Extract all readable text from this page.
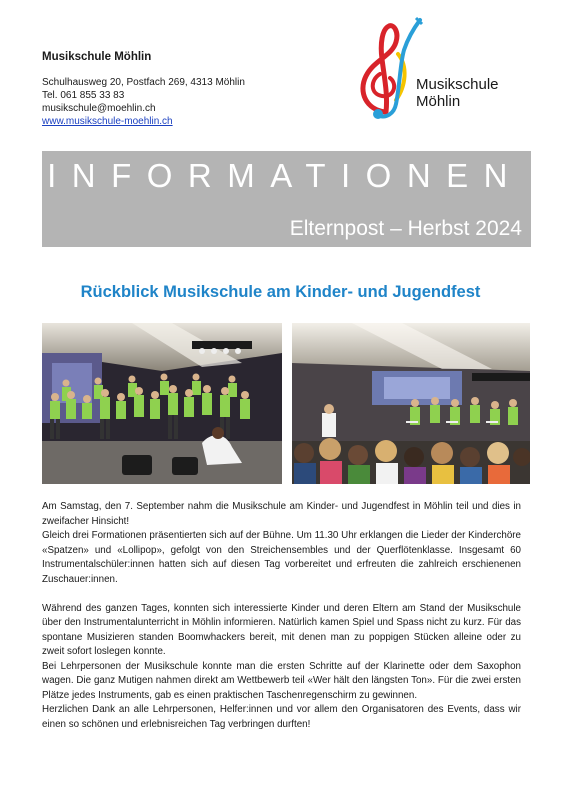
Musikschule Möhlin
Schulhausweg 20, Postfach 269, 4313 Möhlin
Tel. 061 855 33 83
musikschule@moehlin.ch
www.musikschule-moehlin.ch
Musikschule
Möhlin
INFORMATIONEN
Elternpost – Herbst 2024
Rückblick Musikschule am Kinder- und Jugendfest

Am Samstag, den 7. September nahm die Musikschule am Kinder- und Jugendfest in Möhlin teil und dies in zweifacher Hinsicht!

Gleich drei Formationen präsentierten sich auf der Bühne. Um 11.30 Uhr erklangen die Lieder der Kinderchöre «Spatzen» und «Lollipop», gefolgt von den Streichensembles und der Querflötenklasse. Insgesamt 60 Instrumentalschüler:innen hatten sich auf diesen Tag vorbereitet und erfreuten die zahlreich erschienenen Zuschauer:innen.

Während des ganzen Tages, konnten sich interessierte Kinder und deren Eltern am Stand der Musikschule über den Instrumentalunterricht in Möhlin informieren. Natürlich kamen Spiel und Spass nicht zu kurz. Für das spontane Musizieren standen Boomwhackers bereit, mit denen man zu poppigen Stücken alleine oder zu zweit sofort loslegen konnte.

Bei Lehrpersonen der Musikschule konnte man die ersten Schritte auf der Klarinette oder dem Saxophon wagen. Die ganz Mutigen nahmen direkt am Wettbewerb teil «Wer hält den längsten Ton». Für die zwei ersten Plätze jedes Instruments, gab es einen praktischen Taschenregenschirm zu gewinnen.

Herzlichen Dank an alle Lehrpersonen, Helfer:innen und vor allem den Organisatoren des Events, dass wir einen so schönen und erlebnisreichen Tag verbringen durften!
